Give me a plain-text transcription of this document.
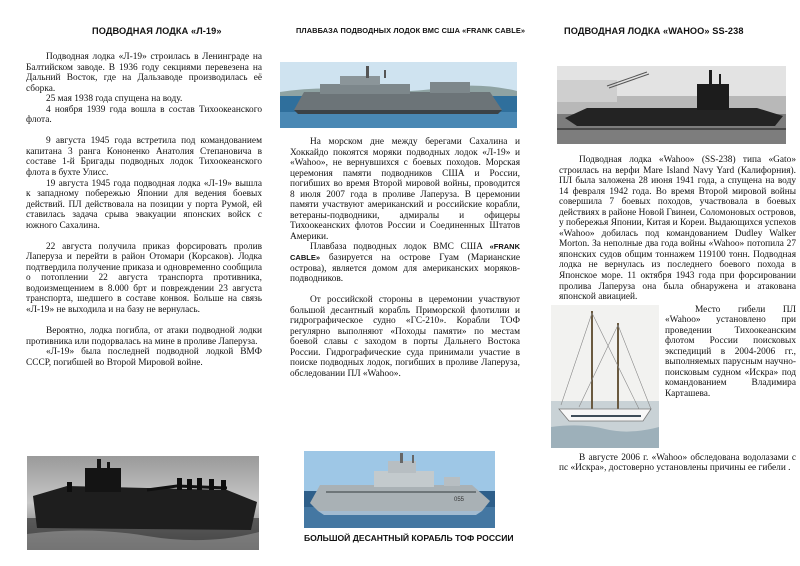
ПОДВОДНАЯ ЛОДКА «Л-19»

Подводная лодка «Л-19» строилась в Ленинграде на Балтийском заводе. В 1936 году секциями перевезена на Дальний Восток, где на Дальзаводе производилась её сборка.

25 мая 1938 года спущена на воду.

4 ноября 1939 года вошла в состав Тихоокеанского флота.

9 августа 1945 года встретила под командованием капитана 3 ранга Кононенко Анатолия Степановича в составе 1-й Бригады подводных лодок Тихоокеанского флота в бухте Улисс.

19 августа 1945 года подводная лодка «Л-19» вышла к западному побережью Японии для ведения боевых действий. ПЛ действовала на позиции у порта Румой, ей ставилась задача срыва эвакуации японских войск с южного Сахалина.

22 августа получила приказ форсировать пролив Лаперуза и перейти в район Отомари (Корсаков). Лодка подтвердила получение приказа и одновременно сообщила о потоплении 22 августа транспорта противника, водоизмещением в 8.000 брт и повреждении 23 августа транспорта, шедшего в составе конвоя. Больше на связь «Л-19» не выходила и на базу не вернулась.

Вероятно, лодка погибла, от атаки подводной лодки противника или подорвалась на мине в проливе Лаперуза.

«Л-19» была последней подводной лодкой ВМФ СССР, погибшей во Второй Мировой войне.

ПЛАВБАЗА ПОДВОДНЫХ ЛОДОК ВМС США «FRANK CABLE»

На морском дне между берегами Сахалина и Хоккайдо покоятся моряки подводных лодок «Л-19» и «Wahoo», не вернувшихся с боевых походов. Морская церемония памяти подводников США и России, погибших во время Второй мировой войны, проводится 8 июля 2007 года в проливе Лаперуза. В церемонии памяти участвуют американский и российские корабли, ветераны-подводники, адмиралы и офицеры Тихоокеанских флотов России и Соединенных Штатов Америки.

Плавбаза подводных лодок ВМС США «FRANK CABLE» базируется на острове Гуам (Марианские острова), является домом для американских моряков-подводников.

От российской стороны в церемонии участвуют большой десантный корабль Приморской флотилии и гидрографическое судно «ГС-210». Корабли ТОФ регулярно выполняют «Походы памяти» по местам боевой славы с заходом в порты Дальнего Востока России. Гидрографические суда принимали участие в поиске подводных лодок, погибших в проливе Лаперуза, обследовании ПЛ «Wahoo».

055
БОЛЬШОЙ ДЕСАНТНЫЙ КОРАБЛЬ ТОФ РОССИИ
ПОДВОДНАЯ ЛОДКА «WAHOO» SS-238

Подводная лодка «Wahoo» (SS-238) типа «Gato» строилась на верфи Mare Island Navy Yard (Калифорния). ПЛ была заложена 28 июня 1941 года, а спущена на воду 14 февраля 1942 года. Во время Второй мировой войны совершила 7 боевых походов, участвовала в боевых действиях в районе Новой Гвинеи, Соломоновых островов, у побережья Японии, Китая и Кореи. Выдающихся успехов «Wahoo» добилась под командованием Dudley Walker Morton. За неполные два года войны «Wahoo» потопила 27 японских судов общим тоннажем 119100 тонн. Подводная лодка не вернулась из последнего боевого похода в Японское море. 11 октября 1943 года при форсировании пролива Лаперуза она была обнаружена и атакована японской авиацией.

Место гибели ПЛ «Wahoo» установлено при проведении Тихоокеанским флотом России поисковых экспедиций в 2004-2006 гг., выполняемых парусным научно-поисковым судном «Искра» под командованием Владимира Карташева.

В августе 2006 г. «Wahoo» обследована водолазами с пс «Искра», достоверно установлены причины ее гибели .
